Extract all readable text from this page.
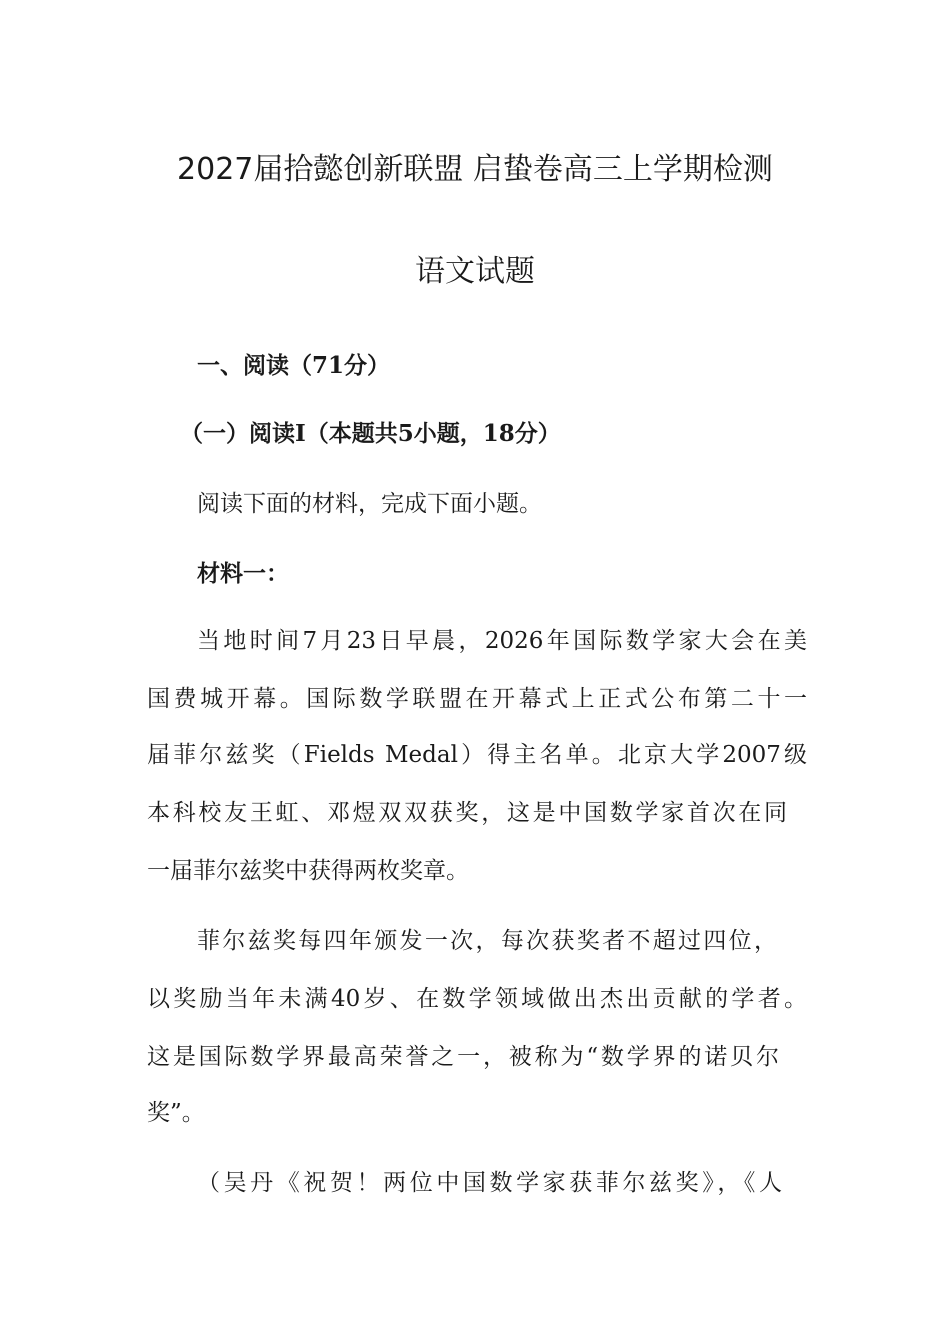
2027届拾懿创新联盟 启蛰卷高三上学期检测
语文试题
一、阅读（71分）
（一）阅读Ⅰ（本题共5小题，18分）
阅读下面的材料，完成下面小题。
材料一：
当地时间7月23日早晨，2026年国际数学家大会在美
国费城开幕。国际数学联盟在开幕式上正式公布第二十一
届菲尔兹奖（Fields Medal）得主名单。北京大学2007级
本科校友王虹、邓煜双双获奖，这是中国数学家首次在同
一届菲尔兹奖中获得两枚奖章。
菲尔兹奖每四年颁发一次，每次获奖者不超过四位，
以奖励当年未满40岁、在数学领域做出杰出贡献的学者。
这是国际数学界最高荣誉之一，被称为“数学界的诺贝尔
奖”。
（吴丹《祝贺！两位中国数学家获菲尔兹奖》，《人
